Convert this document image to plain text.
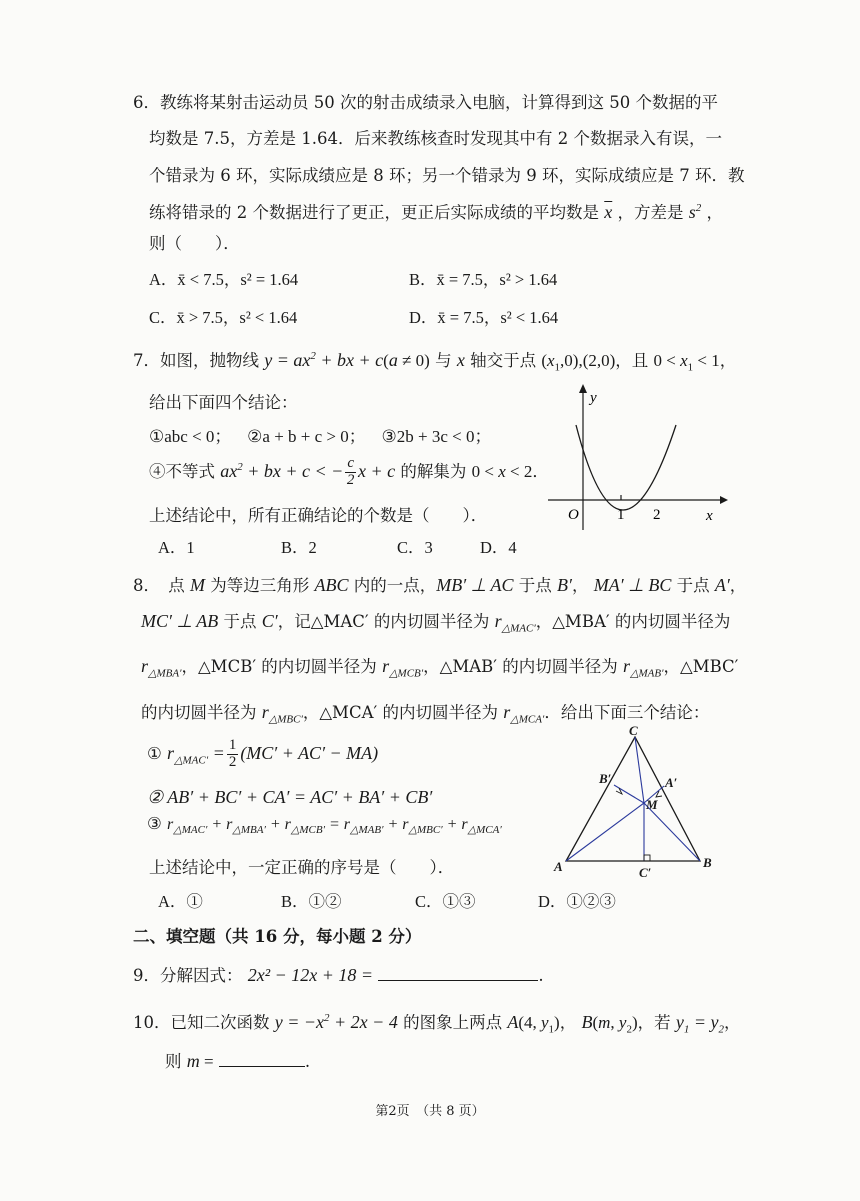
6．教练将某射击运动员 50 次的射击成绩录入电脑，计算得到这 50 个数据的平
均数是 7.5，方差是 1.64．后来教练核查时发现其中有 2 个数据录入有误，一
个错录为 6 环，实际成绩应是 8 环；另一个错录为 9 环，实际成绩应是 7 环．教
练将错录的 2 个数据进行了更正，更正后实际成绩的平均数是 $\overline{x}$ ，方差是 $s^2$ ，
则（　　）．
A．x̄ < 7.5，s² = 1.64	B．x̄ = 7.5，s² > 1.64
C．x̄ > 7.5，s² < 1.64	D．x̄ = 7.5，s² < 1.64
7．如图，抛物线 $y = ax^2$ + bx + c(a ≠ 0) 与 x 轴交于点 $(x_1,0),(2,0)$，且 $0 < x_1 < 1$，
给出下面四个结论：
①abc < 0； ②a + b + c > 0； ③2b + 3c < 0；
④不等式 $ax^2$ + bx + c < − $\frac{c}{2}$ x + c 的解集为 0 < x < 2．
上述结论中，所有正确结论的个数是（　　）．
A．1	B．2	C．3	D．4
y
x
O	1 2
8．　点 M 为等边三角形 ABC 内的一点，MB′ ⊥ AC 于点 B′， MA′ ⊥ BC 于点 A′，
MC′ ⊥ AB 于点 C′，记△MAC′ 的内切圆半径为 $r_{\triangle MAC'}$，△MBA′ 的内切圆半径为
$r_{\triangle MBA'}$，△MCB′ 的内切圆半径为 $r_{\triangle MCB'}$，△MAB′ 的内切圆半径为 $r_{\triangle MAB'}$，△MBC′
的内切圆半径为 $r_{\triangle MBC'}$，△MCA′ 的内切圆半径为 $r_{\triangle MCA'}$．给出下面三个结论：
① $r_{\triangle MAC'} = \frac{1}{2} (MC' + AC' - MA)$
② AB′ + BC′ + CA′ = AC′ + BA′ + CB′
③ $r_{\triangle MAC'} + r_{\triangle MBA'} + r_{\triangle MCB'} = r_{\triangle MAB'} + r_{\triangle MBC'} + r_{\triangle MCA'}$
上述结论中，一定正确的序号是（　　）．
A．①	B．①②	C．①③	D．①②③
C
B′	A′
M
A	B
C′
二、填空题（共 16 分，每小题 2 分）
9．分解因式： 2x² − 12x + 18 =	.
10．已知二次函数 $y = -x^2 + 2x - 4$ 的图象上两点 A(4, $y_1$)， B(m, $y_2$)，若 $y_1 = y_2$，
则 m =	.
第2页　（共 8 页）
